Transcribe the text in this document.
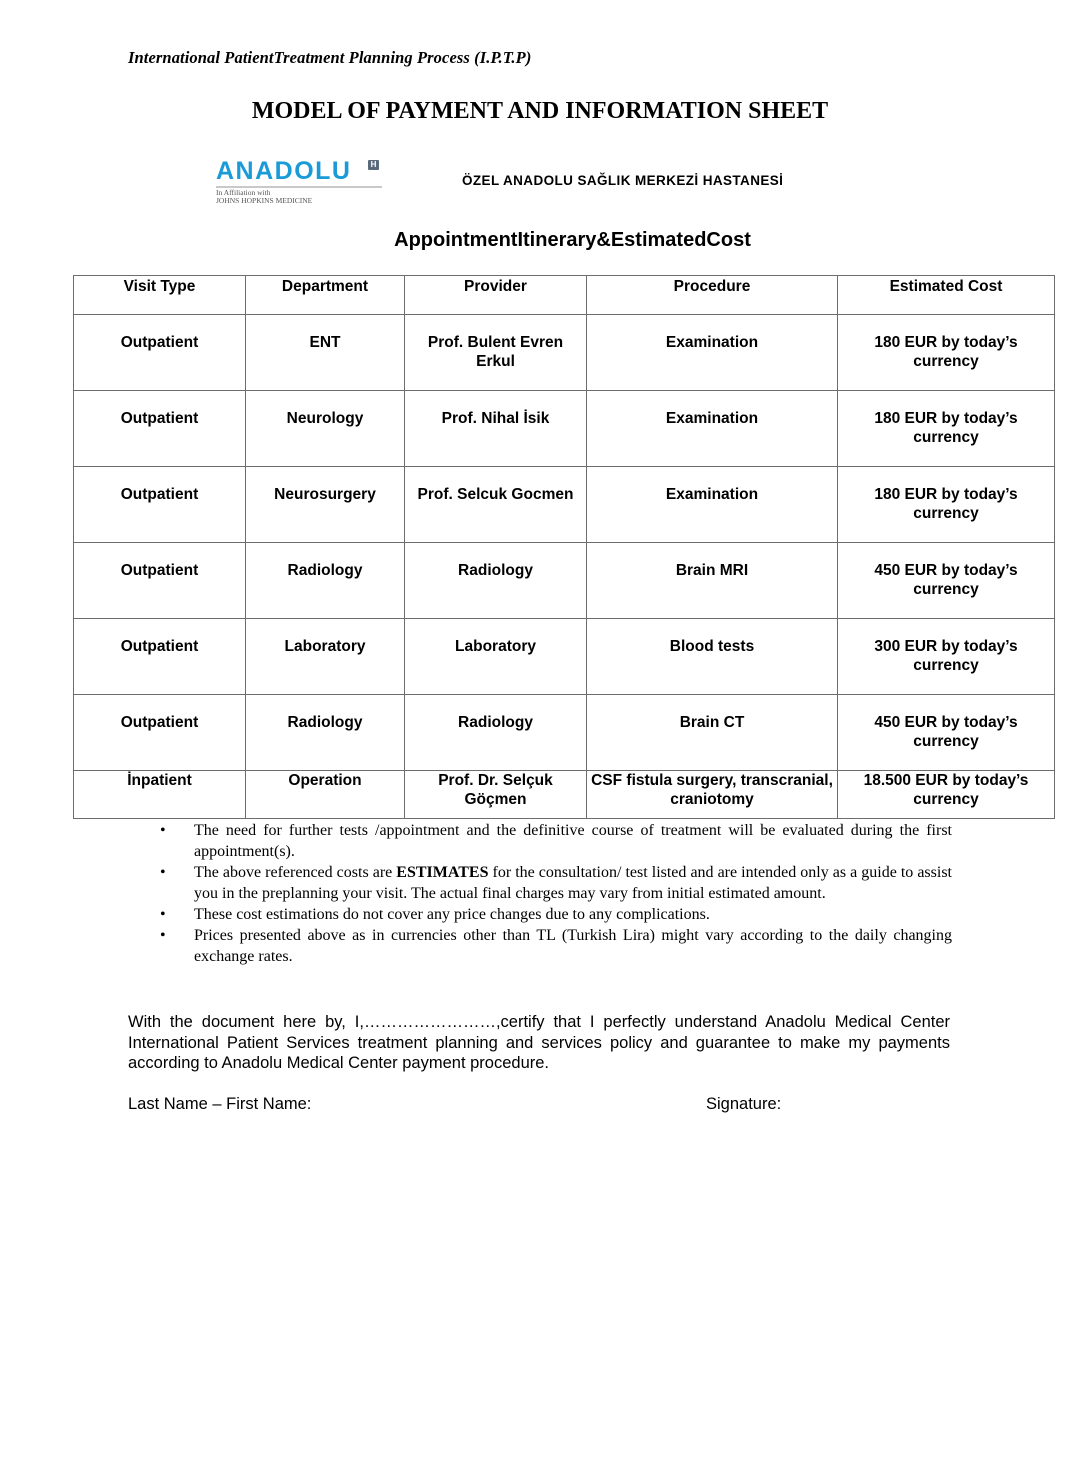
International PatientTreatment Planning Process (I.P.T.P)
MODEL OF PAYMENT AND INFORMATION SHEET
ANADOLU	H
In Affiliation with
JOHNS HOPKINS MEDICINE
ÖZEL ANADOLU SAĞLIK MERKEZİ HASTANESİ
AppointmentItinerary&EstimatedCost
Visit Type	Department	Provider	Procedure	Estimated Cost
Outpatient	ENT	Prof. Bulent Evren Erkul	Examination	180 EUR by today’s currency
Outpatient	Neurology	Prof. Nihal İsik	Examination	180 EUR by today’s currency
Outpatient	Neurosurgery	Prof. Selcuk Gocmen	Examination	180 EUR by today’s currency
Outpatient	Radiology	Radiology	Brain MRI	450 EUR by today’s currency
Outpatient	Laboratory	Laboratory	Blood tests	300 EUR by today’s currency
Outpatient	Radiology	Radiology	Brain CT	450 EUR by today’s currency
İnpatient	Operation	Prof. Dr. Selçuk Göçmen	CSF fistula surgery, transcranial, craniotomy	18.500 EUR by today’s currency
• The need for further tests /appointment and the definitive course of treatment will be evaluated during the first appointment(s).
• The above referenced costs are ESTIMATES for the consultation/ test listed and are intended only as a guide to assist you in the preplanning your visit. The actual final charges may vary from initial estimated amount.
• These cost estimations do not cover any price changes due to any complications.
• Prices presented above as in currencies other than TL (Turkish Lira) might vary according to the daily changing exchange rates.

With the document here by, I,……………………,certify that I perfectly understand Anadolu Medical Center International Patient Services treatment planning and services policy and guarantee to make my payments according to Anadolu Medical Center payment procedure.

Last Name – First Name:	Signature:
